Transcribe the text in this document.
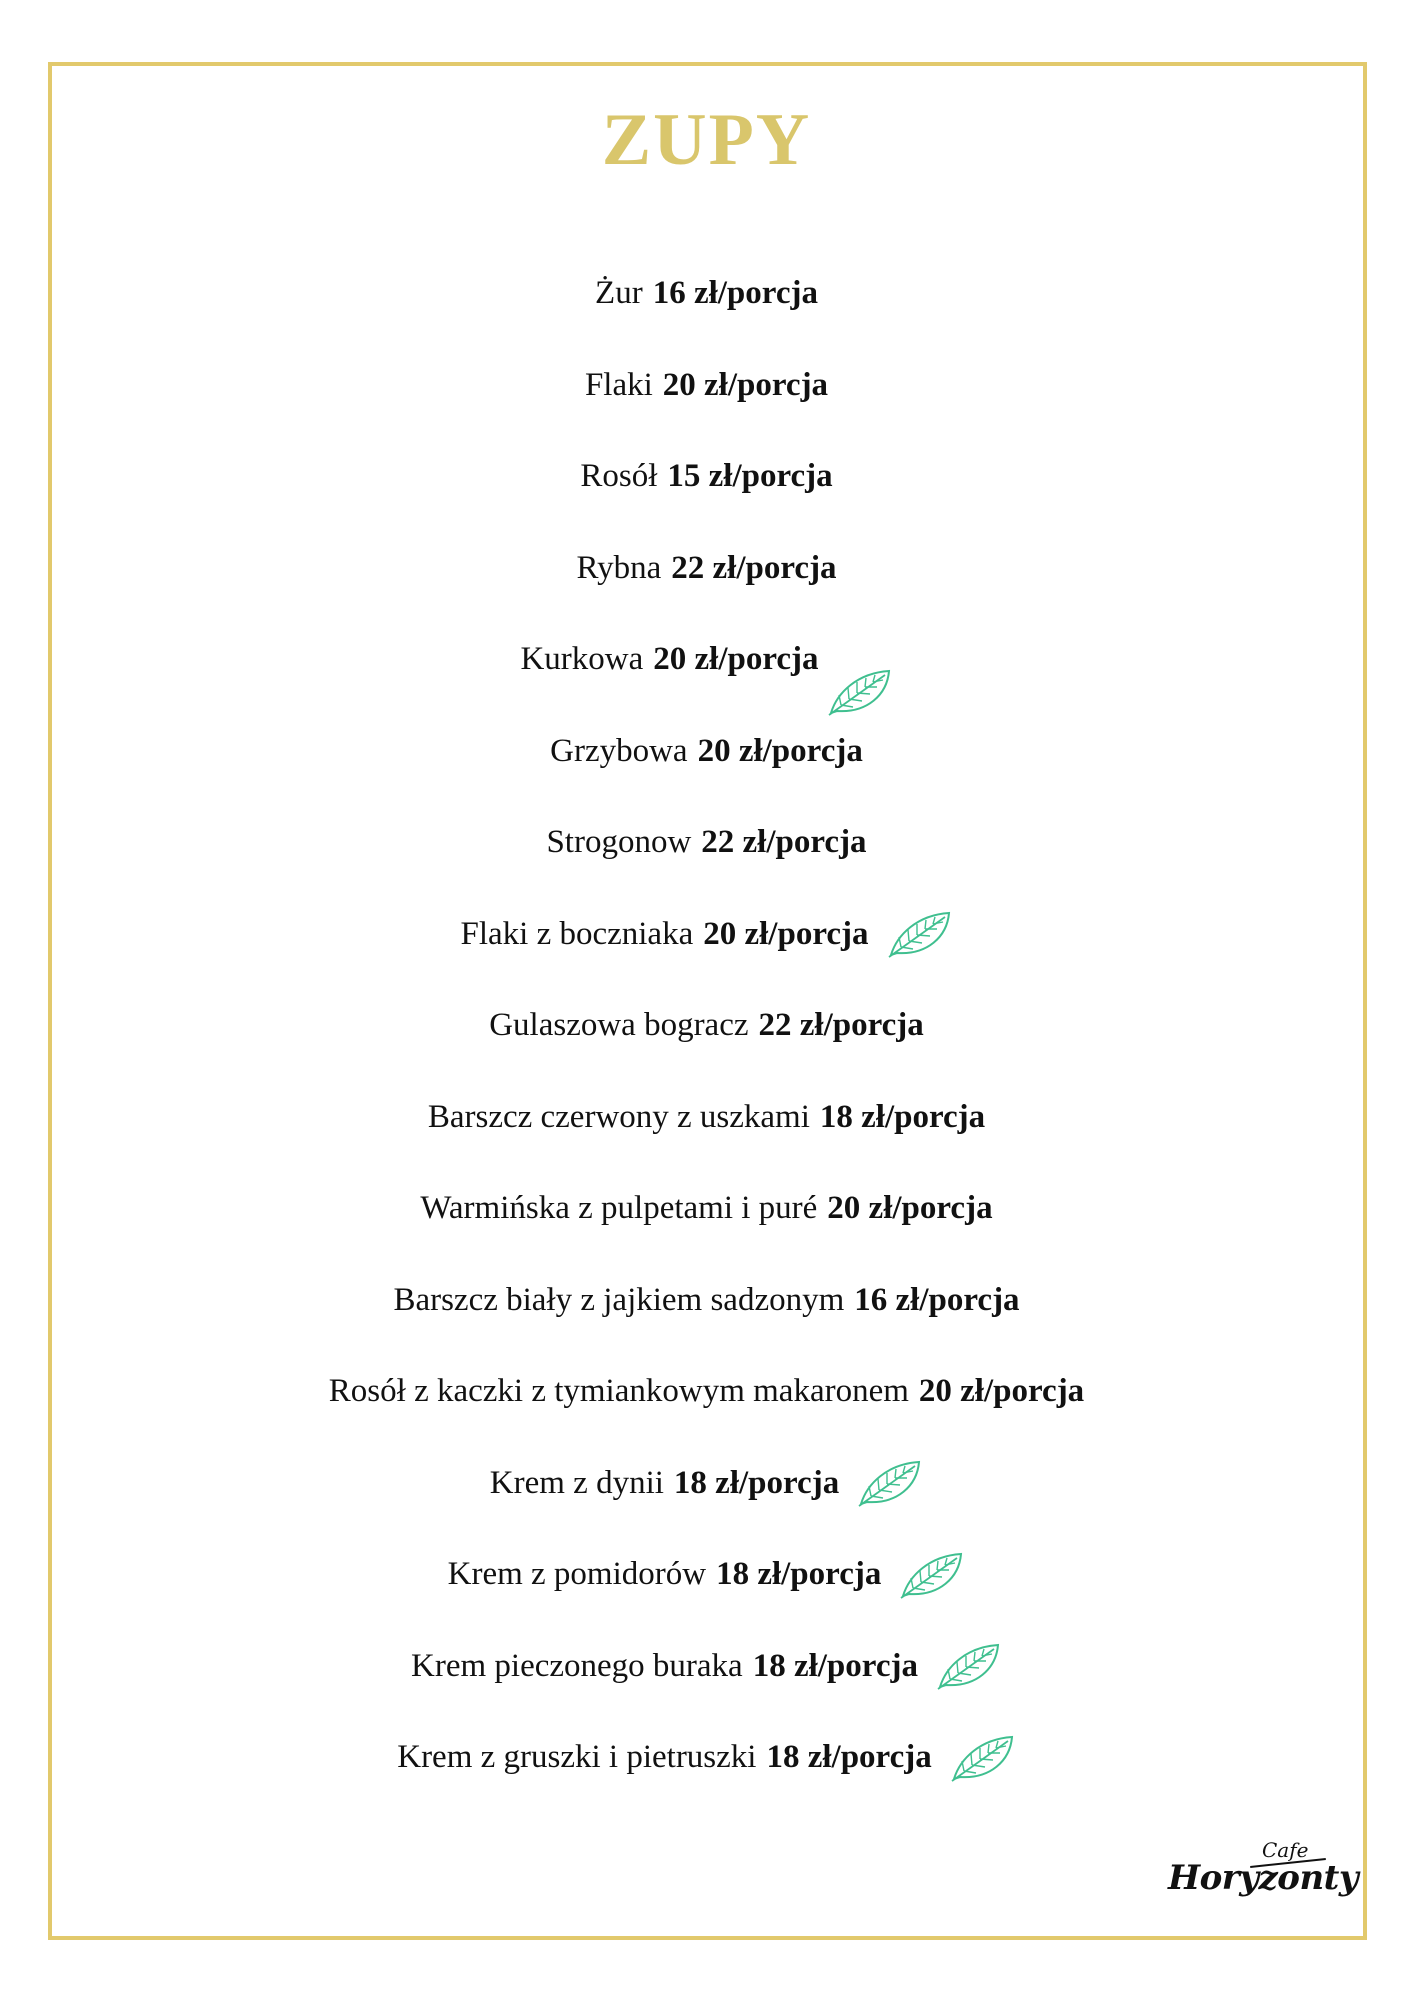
ZUPY
Żur 16 zł/porcja
Flaki 20 zł/porcja
Rosół 15 zł/porcja
Rybna 22 zł/porcja
Kurkowa 20 zł/porcja
Grzybowa 20 zł/porcja
Strogonow 22 zł/porcja
Flaki z boczniaka 20 zł/porcja
Gulaszowa bogracz 22 zł/porcja
Barszcz czerwony z uszkami 18 zł/porcja
Warmińska z pulpetami i puré 20 zł/porcja
Barszcz biały z jajkiem sadzonym 16 zł/porcja
Rosół z kaczki z tymiankowym makaronem 20 zł/porcja
Krem z dynii 18 zł/porcja
Krem z pomidorów 18 zł/porcja
Krem pieczonego buraka 18 zł/porcja
Krem z gruszki i pietruszki 18 zł/porcja
Cafe
Horyzonty
